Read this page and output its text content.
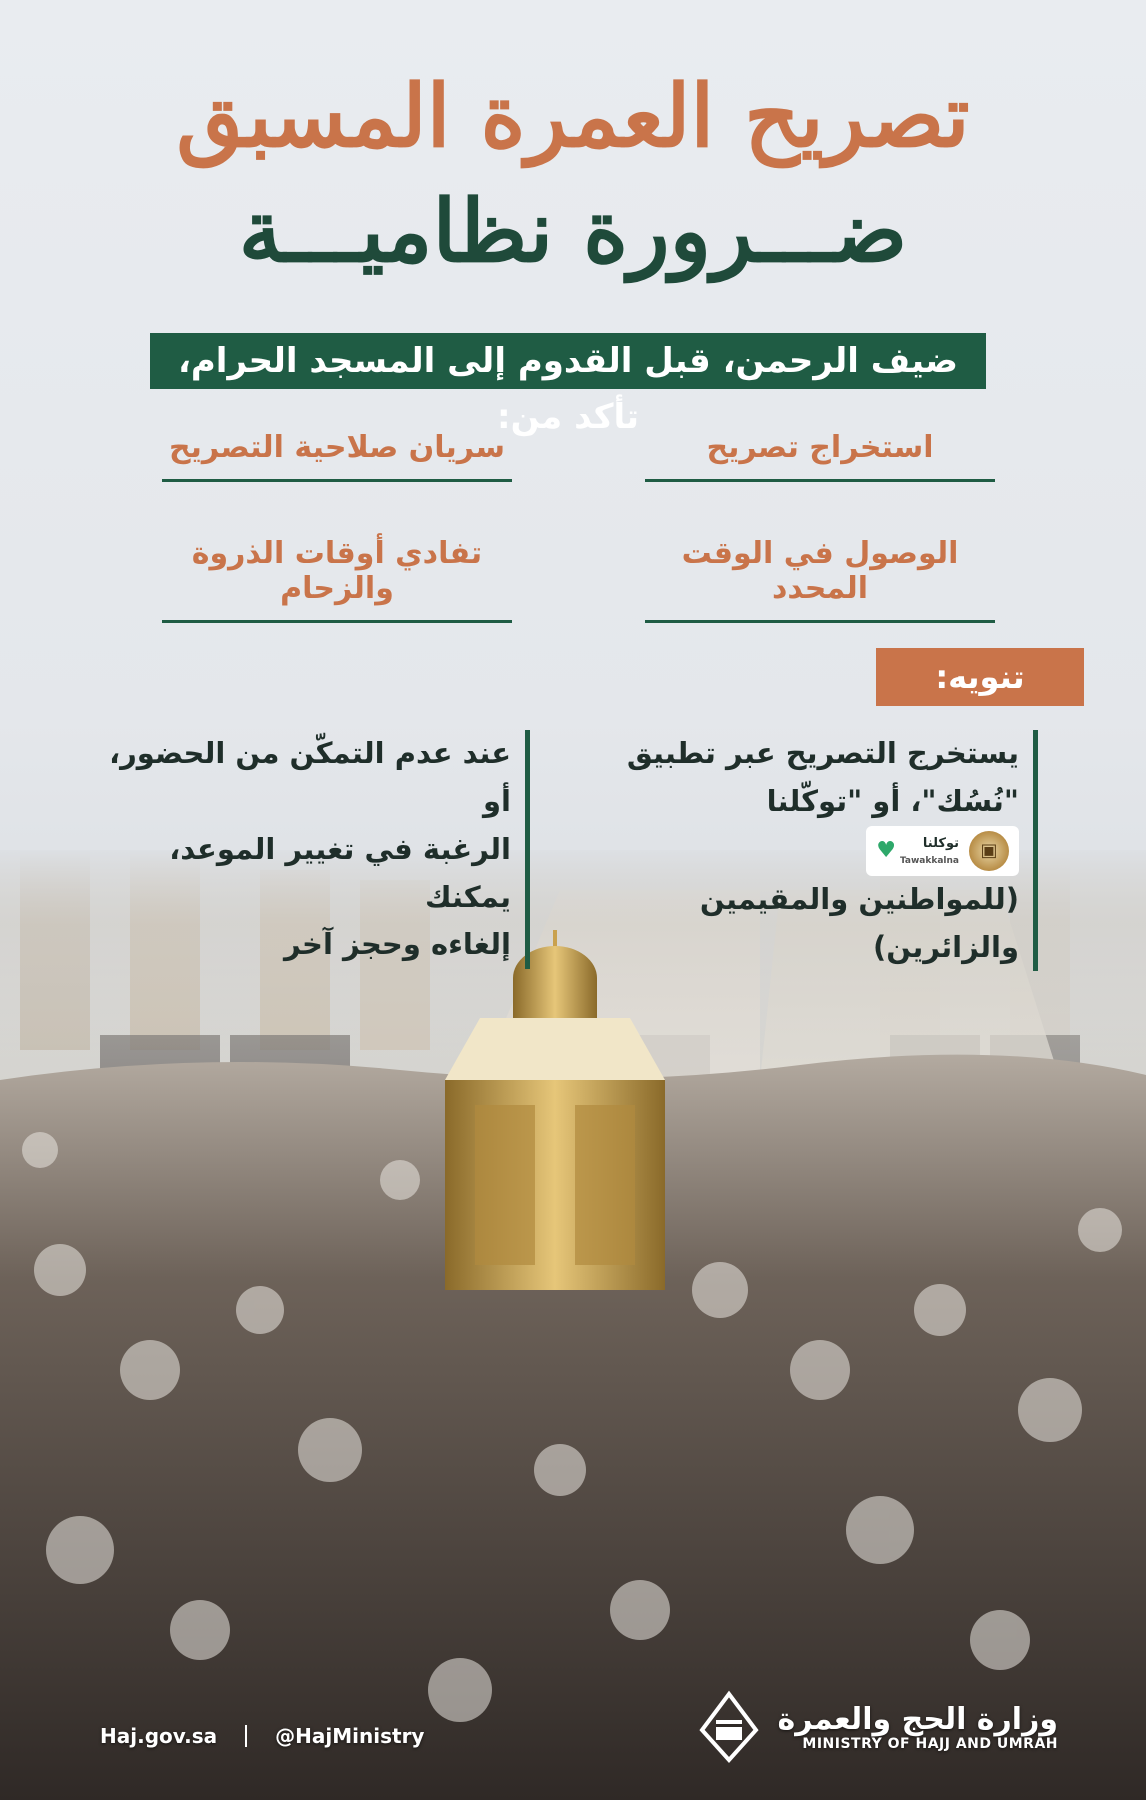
تصريح العمرة المسبق
ضـــرورة نظاميـــة
ضيف الرحمن، قبل القدوم إلى المسجد الحرام، تأكد من:
استخراج تصريح
سريان صلاحية التصريح
الوصول في الوقت المحدد
تفادي أوقات الذروة والزحام
تنويه:
يستخرج التصريح عبر تطبيق
"نُسُك"، أو "توكّلنا
♥	توكلنا
Tawakkalna
▣
(للمواطنين والمقيمين والزائرين)
عند عدم التمكّن من الحضور، أو
الرغبة في تغيير الموعد، يمكنك
إلغاءه وحجز آخر
Haj.gov.sa	@HajMinistry	وزارة الحج والعمرة
MINISTRY OF HAJJ AND UMRAH
